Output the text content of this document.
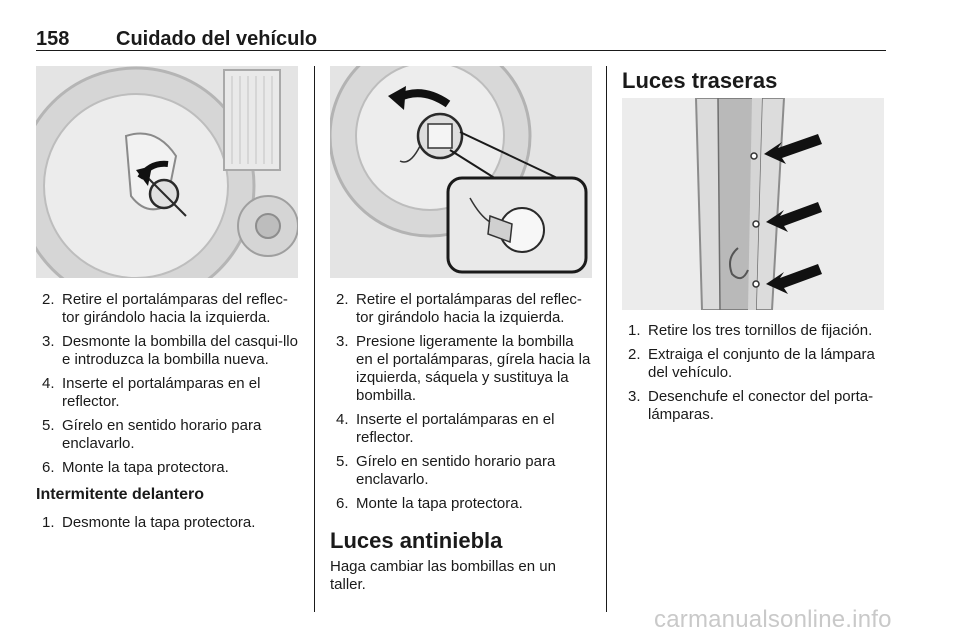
158 Cuidado del vehículo
2. Retire el portalámparas del reflec-tor girándolo hacia la izquierda.
3. Desmonte la bombilla del casqui-llo e introduzca la bombilla nueva.
4. Inserte el portalámparas en el reflector.
5. Gírelo en sentido horario para enclavarlo.
6. Monte la tapa protectora.
Intermitente delantero
1. Desmonte la tapa protectora.
2. Retire el portalámparas del reflec-tor girándolo hacia la izquierda.
3. Presione ligeramente la bombilla en el portalámparas, gírela hacia la izquierda, sáquela y sustituya la bombilla.
4. Inserte el portalámparas en el reflector.
5. Gírelo en sentido horario para enclavarlo.
6. Monte la tapa protectora.
Luces antiniebla

Haga cambiar las bombillas en un taller.

Luces traseras
1. Retire los tres tornillos de fijación.
2. Extraiga el conjunto de la lámpara del vehículo.
3. Desenchufe el conector del porta-lámparas.
carmanualsonline.info
